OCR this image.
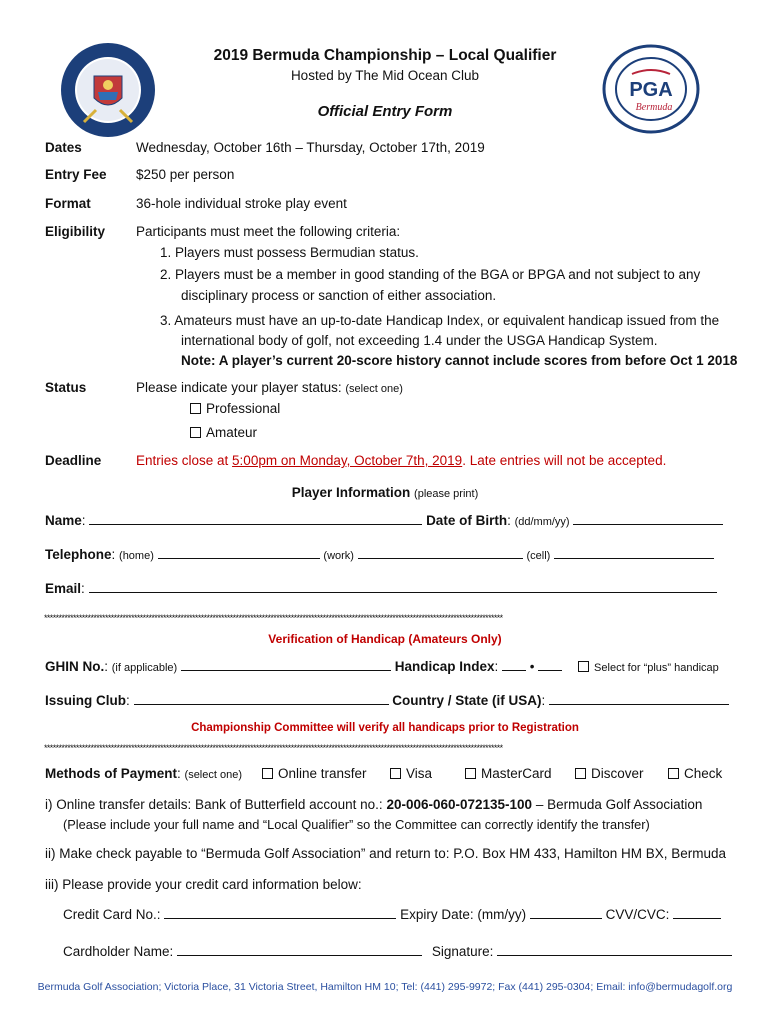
PGA
Bermuda
2019 Bermuda Championship – Local Qualifier
Hosted by The Mid Ocean Club
Official Entry Form
Dates	Wednesday, October 16th – Thursday, October 17th, 2019
Entry Fee $250 per person
Format	36-hole individual stroke play event
Eligibility Participants must meet the following criteria:
1. Players must possess Bermudian status.
2. Players must be a member in good standing of the BGA or BPGA and not subject to any
disciplinary process or sanction of either association.
3. Amateurs must have an up-to-date Handicap Index, or equivalent handicap issued from the
international body of golf, not exceeding 1.4 under the USGA Handicap System.
Note: A player’s current 20-score history cannot include scores from before Oct 1 2018
Status	Please indicate your player status: (select one)
Professional
Amateur
Deadline	Entries close at 5:00pm on Monday, October 7th, 2019. Late entries will not be accepted.
Player Information (please print)
Name:	Date of Birth: (dd/mm/yy)
Telephone: (home)	(work)	(cell)
Email:
**************************************************************************************************************************************************************
Verification of Handicap (Amateurs Only)
GHIN No.: (if applicable)	Handicap Index:  •	Select for “plus” handicap
Issuing Club:	Country / State (if USA):
Championship Committee will verify all handicaps prior to Registration
**************************************************************************************************************************************************************
Methods of Payment: (select one)	Online transfer	Visa	MasterCard	Discover	Check
i) Online transfer details: Bank of Butterfield account no.: 20-006-060-072135-100 – Bermuda Golf Association
(Please include your full name and “Local Qualifier” so the Committee can correctly identify the transfer)
ii) Make check payable to “Bermuda Golf Association” and return to: P.O. Box HM 433, Hamilton HM BX, Bermuda
iii) Please provide your credit card information below:
Credit Card No.:	Expiry Date: (mm/yy)	CVV/CVC:
Cardholder Name:	Signature:
Bermuda Golf Association; Victoria Place, 31 Victoria Street, Hamilton HM 10; Tel: (441) 295-9972; Fax (441) 295-0304; Email: info@bermudagolf.org
